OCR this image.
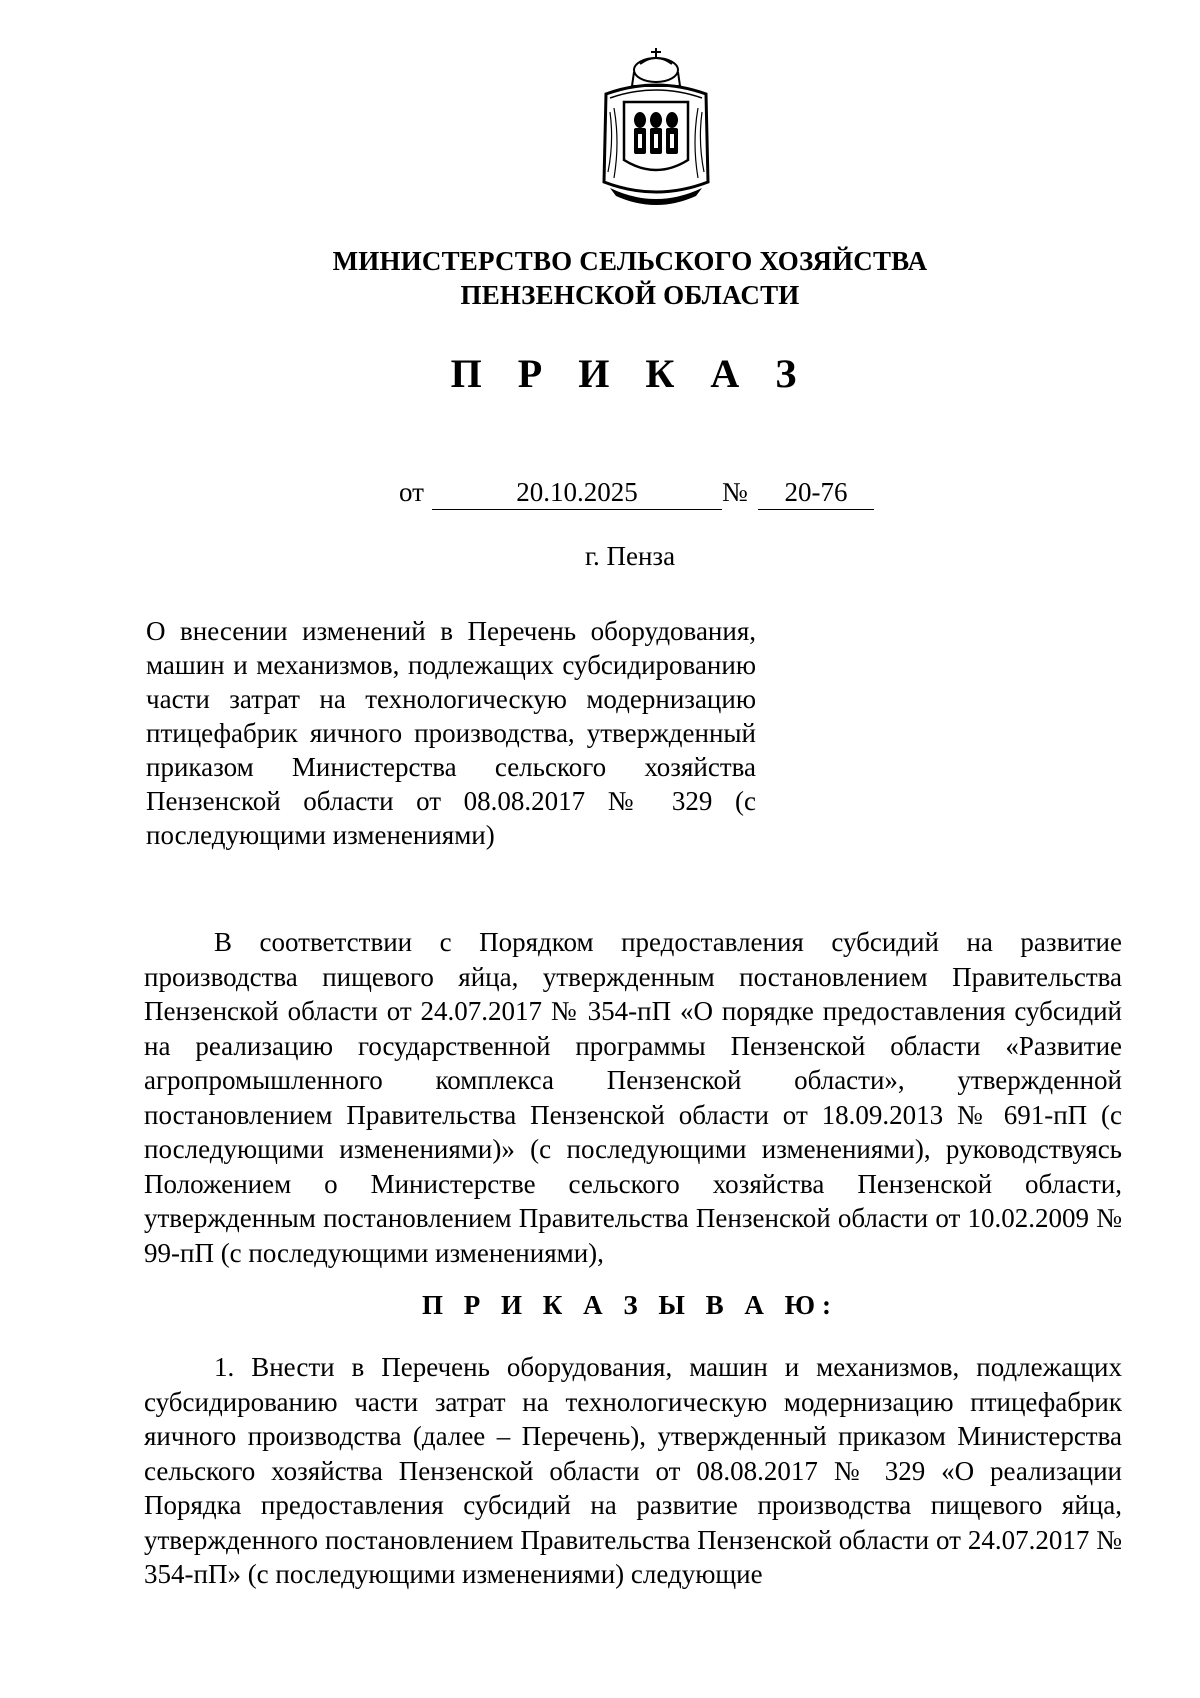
МИНИСТЕРСТВО СЕЛЬСКОГО ХОЗЯЙСТВА
ПЕНЗЕНСКОЙ ОБЛАСТИ
П Р И К А З
от	20.10.2025	№	20-76
г. Пенза
О внесении изменений в Перечень оборудования, машин и механизмов, подлежащих субсидированию части затрат на технологическую модернизацию птицефабрик яичного производства, утвержденный приказом Министерства сельского хозяйства Пензенской области от 08.08.2017 № 329 (с последующими изменениями)
В соответствии с Порядком предоставления субсидий на развитие производства пищевого яйца, утвержденным постановлением Правительства Пензенской области от 24.07.2017 № 354-пП «О порядке предоставления субсидий на реализацию государственной программы Пензенской области «Развитие агропромышленного комплекса Пензенской области», утвержденной постановлением Правительства Пензенской области от 18.09.2013 № 691-пП (с последующими изменениями)» (с последующими изменениями), руководствуясь Положением о Министерстве сельского хозяйства Пензенской области, утвержденным постановлением Правительства Пензенской области от 10.02.2009 № 99-пП (с последующими изменениями),
П Р И К А З Ы В А Ю:
1. Внести в Перечень оборудования, машин и механизмов, подлежащих субсидированию части затрат на технологическую модернизацию птицефабрик яичного производства (далее – Перечень), утвержденный приказом Министерства сельского хозяйства Пензенской области от 08.08.2017 № 329 «О реализации Порядка предоставления субсидий на развитие производства пищевого яйца, утвержденного постановлением Правительства Пензенской области от 24.07.2017 № 354-пП» (с последующими изменениями) следующие
